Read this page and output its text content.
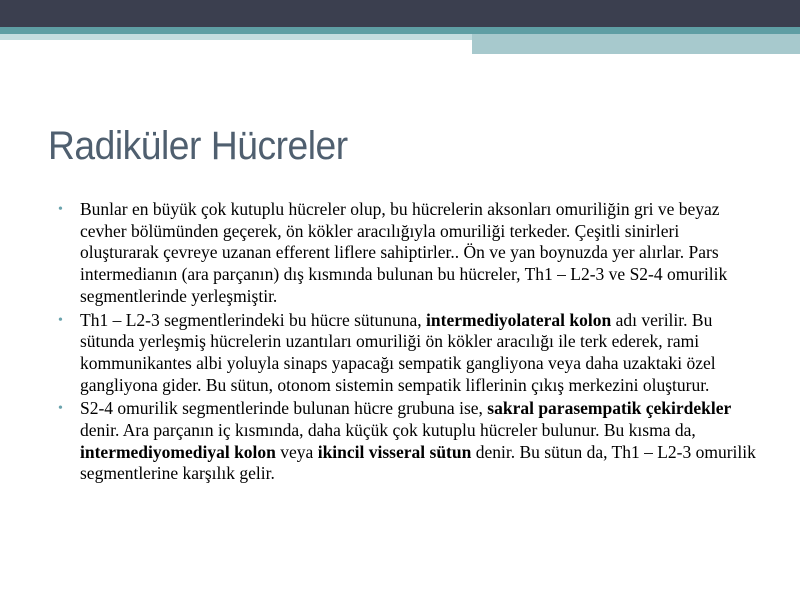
Radiküler Hücreler
• Bunlar en büyük çok kutuplu hücreler olup, bu hücrelerin aksonları omuriliğin gri ve beyaz cevher bölümünden geçerek, ön kökler aracılığıyla omuriliği terkeder. Çeşitli sinirleri oluşturarak çevreye uzanan efferent liflere sahiptirler.. Ön ve yan boynuzda yer alırlar. Pars intermedianın (ara parçanın) dış kısmında bulunan bu hücreler, Th1 – L2-3 ve S2-4 omurilik segmentlerinde yerleşmiştir.
• Th1 – L2-3 segmentlerindeki bu hücre sütununa, intermediyolateral kolon adı verilir. Bu sütunda yerleşmiş hücrelerin uzantıları omuriliği ön kökler aracılığı ile terk ederek, rami kommunikantes albi yoluyla sinaps yapacağı sempatik gangliyona veya daha uzaktaki özel gangliyona gider. Bu sütun, otonom sistemin sempatik liflerinin çıkış merkezini oluşturur.
• S2-4 omurilik segmentlerinde bulunan hücre grubuna ise, sakral parasempatik çekirdekler denir. Ara parçanın iç kısmında, daha küçük çok kutuplu hücreler bulunur. Bu kısma da, intermediyomediyal kolon veya ikincil visseral sütun denir. Bu sütun da, Th1 – L2-3 omurilik segmentlerine karşılık gelir.
